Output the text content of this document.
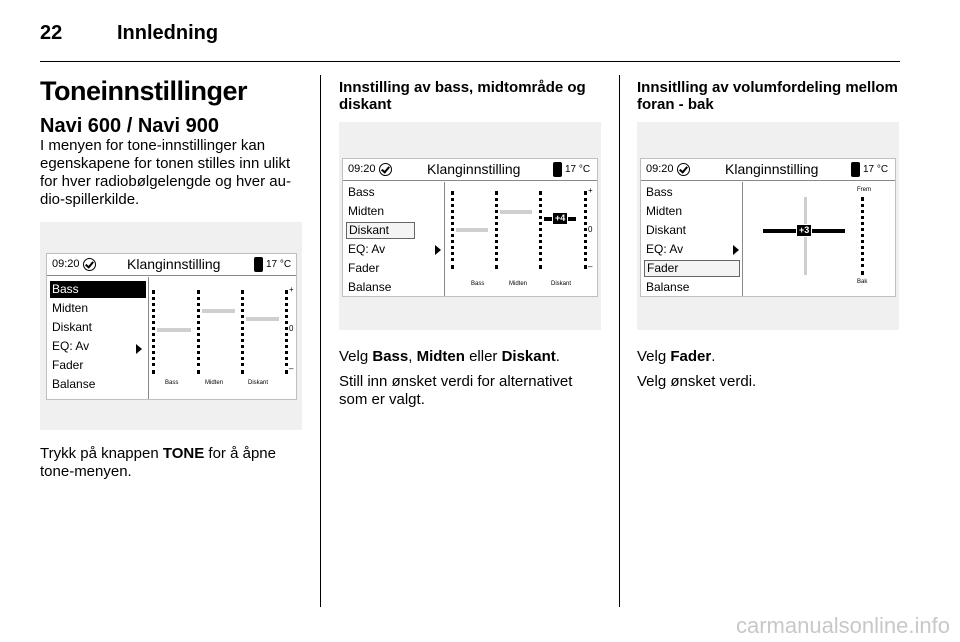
22	Innledning
Toneinnstillinger
Navi 600 / Navi 900
I menyen for tone-innstillinger kan
egenskapene for tonen stilles inn ulikt
for hver radiobølgelengde og hver au-
dio-spillerkilde.
09:20	Klanginnstilling	17 °C
Bass
Midten
Diskant
EQ: Av
Fader
Balanse
+
0
–
Bass	Midten	Diskant
Trykk på knappen TONE for å åpne
tone-menyen.
Innstilling av bass, midtområde og
diskant
09:20	Klanginnstilling	17 °C
Bass
Midten
Diskant
EQ: Av
Fader
Balanse
+4
+
0
–
Bass	Midten	Diskant
Velg Bass, Midten eller Diskant.
Still inn ønsket verdi for alternativet
som er valgt.
Innsitlling av volumfordeling mellom
foran - bak
09:20	Klanginnstilling	17 °C
Bass
Midten
Diskant
EQ: Av
Fader
Balanse
+3
Frem
Bak
Velg Fader.
Velg ønsket verdi.
carmanualsonline.info
